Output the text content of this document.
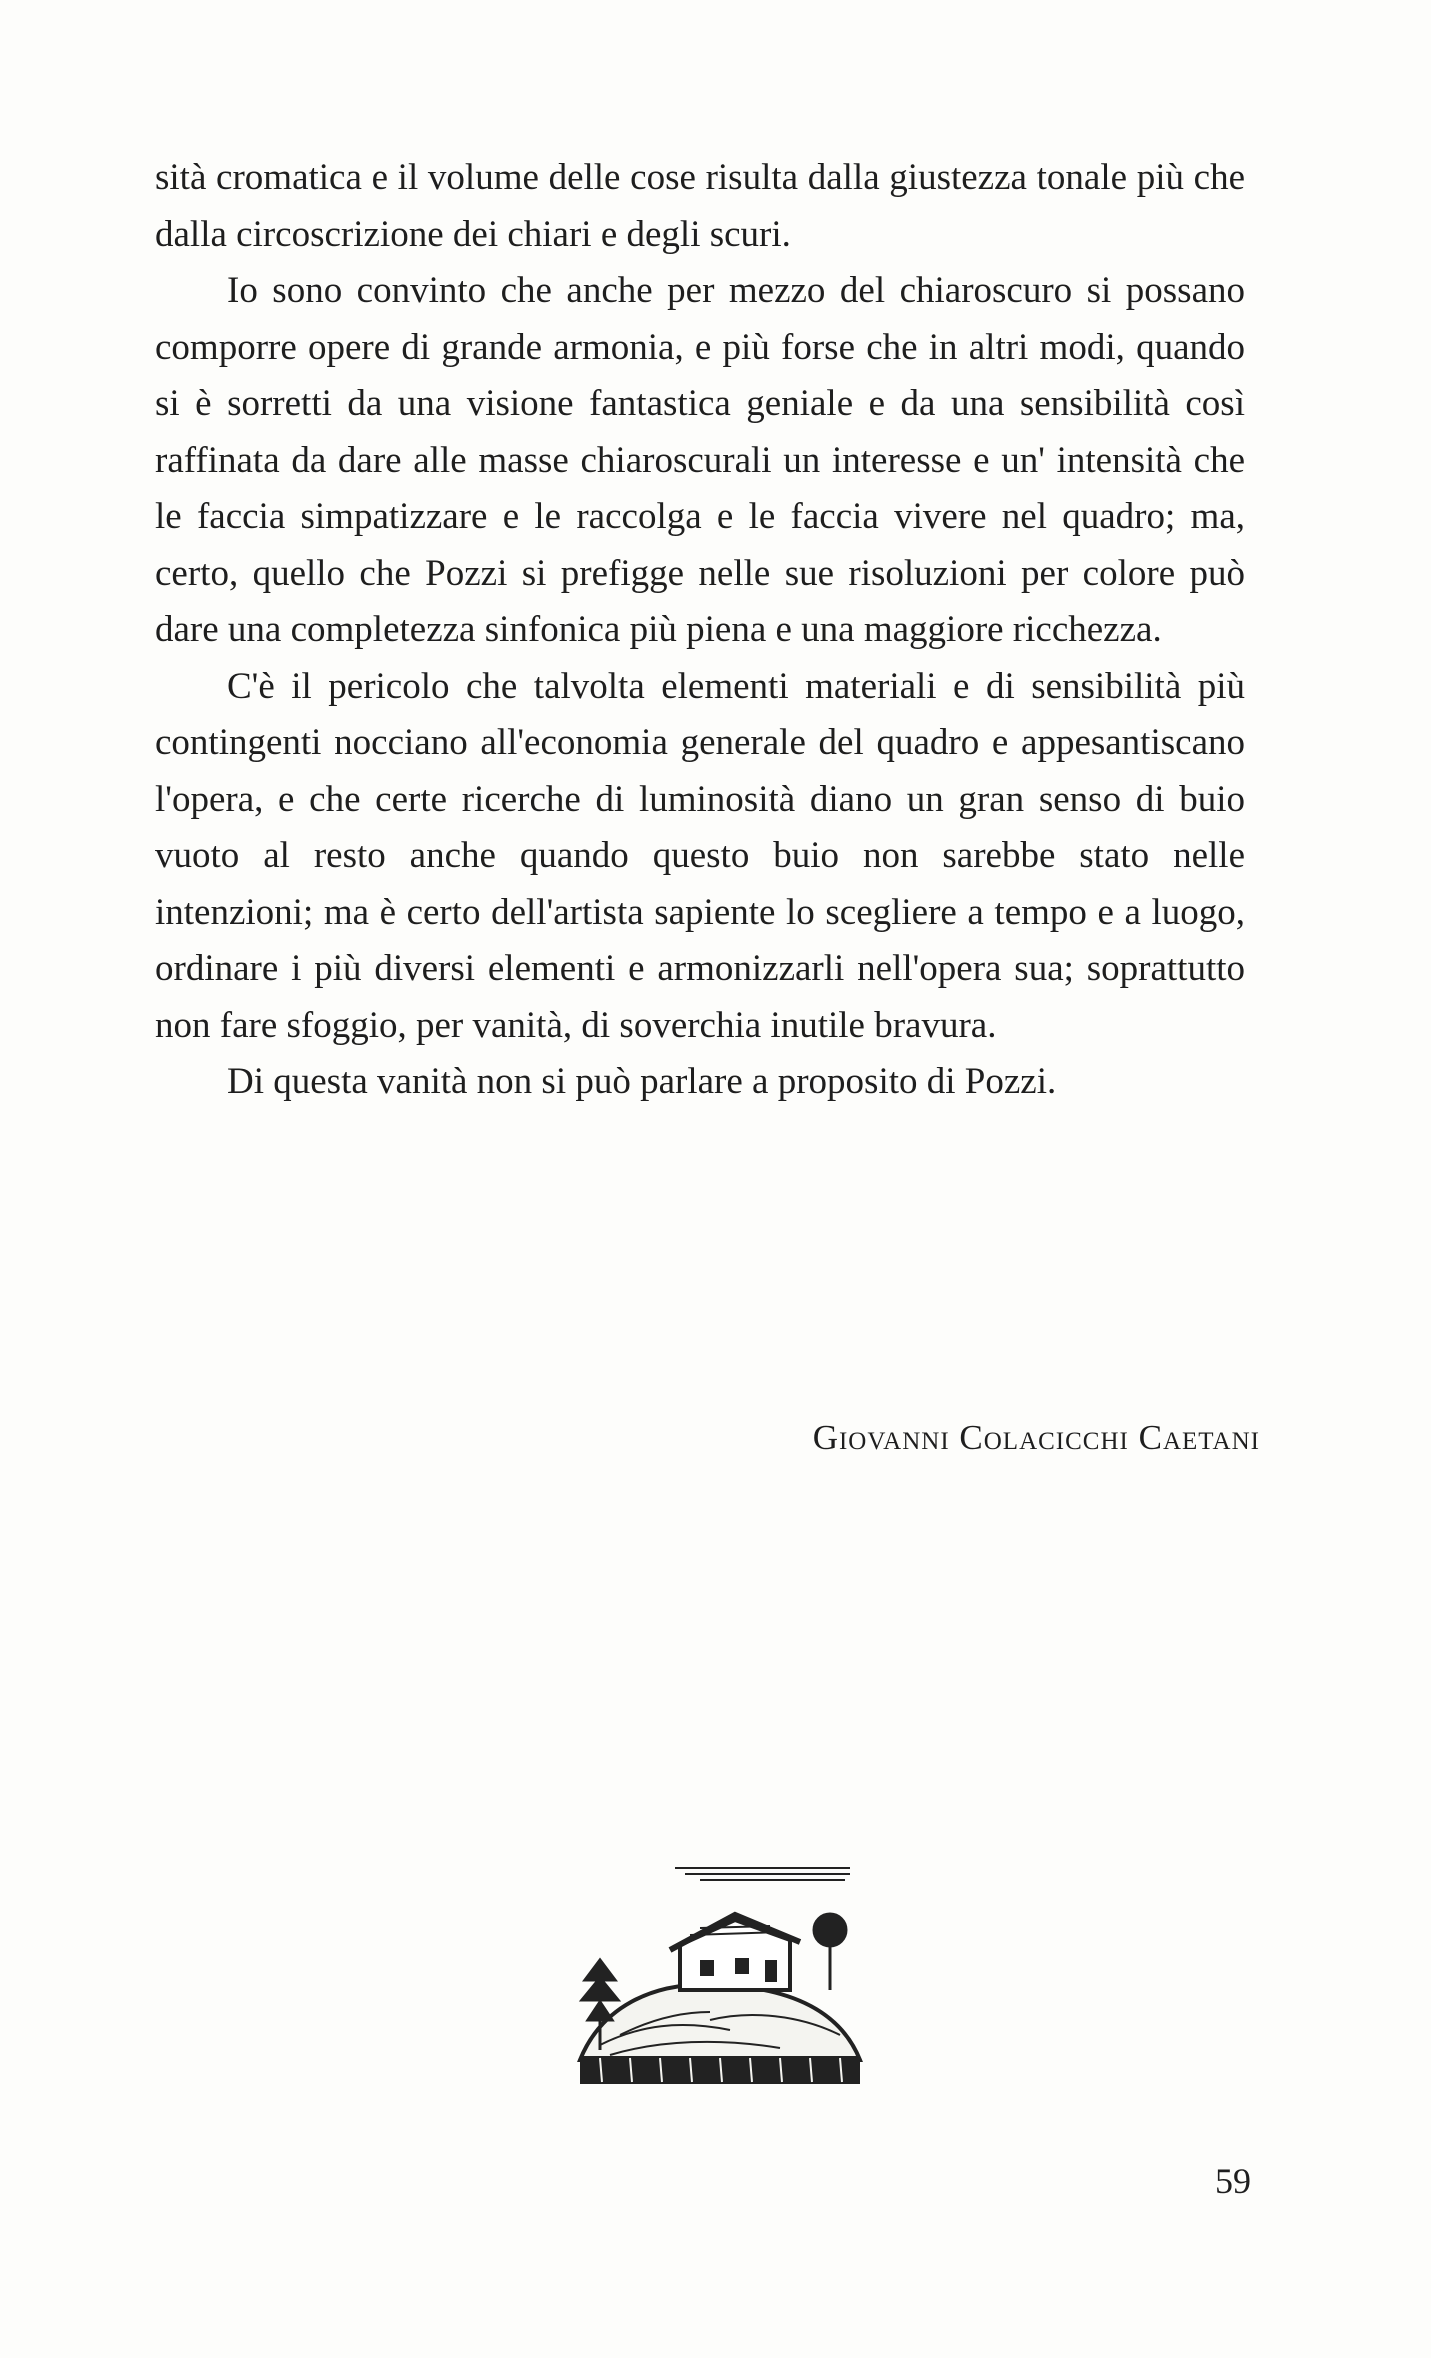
sità cromatica e il volume delle cose risulta dalla giustezza tonale più che dalla circoscrizione dei chiari e degli scuri.

Io sono convinto che anche per mezzo del chiaroscuro si possano comporre opere di grande armonia, e più forse che in altri modi, quando si è sorretti da una visione fantastica geniale e da una sensibilità così raffinata da dare alle masse chiaroscurali un interesse e un' intensità che le faccia simpatizzare e le raccolga e le faccia vivere nel quadro; ma, certo, quello che Pozzi si prefigge nelle sue risoluzioni per colore può dare una completezza sinfonica più piena e una maggiore ricchezza.

C'è il pericolo che talvolta elementi materiali e di sensibilità più contingenti nocciano all'economia generale del quadro e appesantiscano l'opera, e che certe ricerche di luminosità diano un gran senso di buio vuoto al resto anche quando questo buio non sarebbe stato nelle intenzioni; ma è certo dell'artista sapiente lo scegliere a tempo e a luogo, ordinare i più diversi elementi e armonizzarli nell'opera sua; soprattutto non fare sfoggio, per vanità, di soverchia inutile bravura.

Di questa vanità non si può parlare a proposito di Pozzi.

Giovanni Colacicchi Caetani
59
